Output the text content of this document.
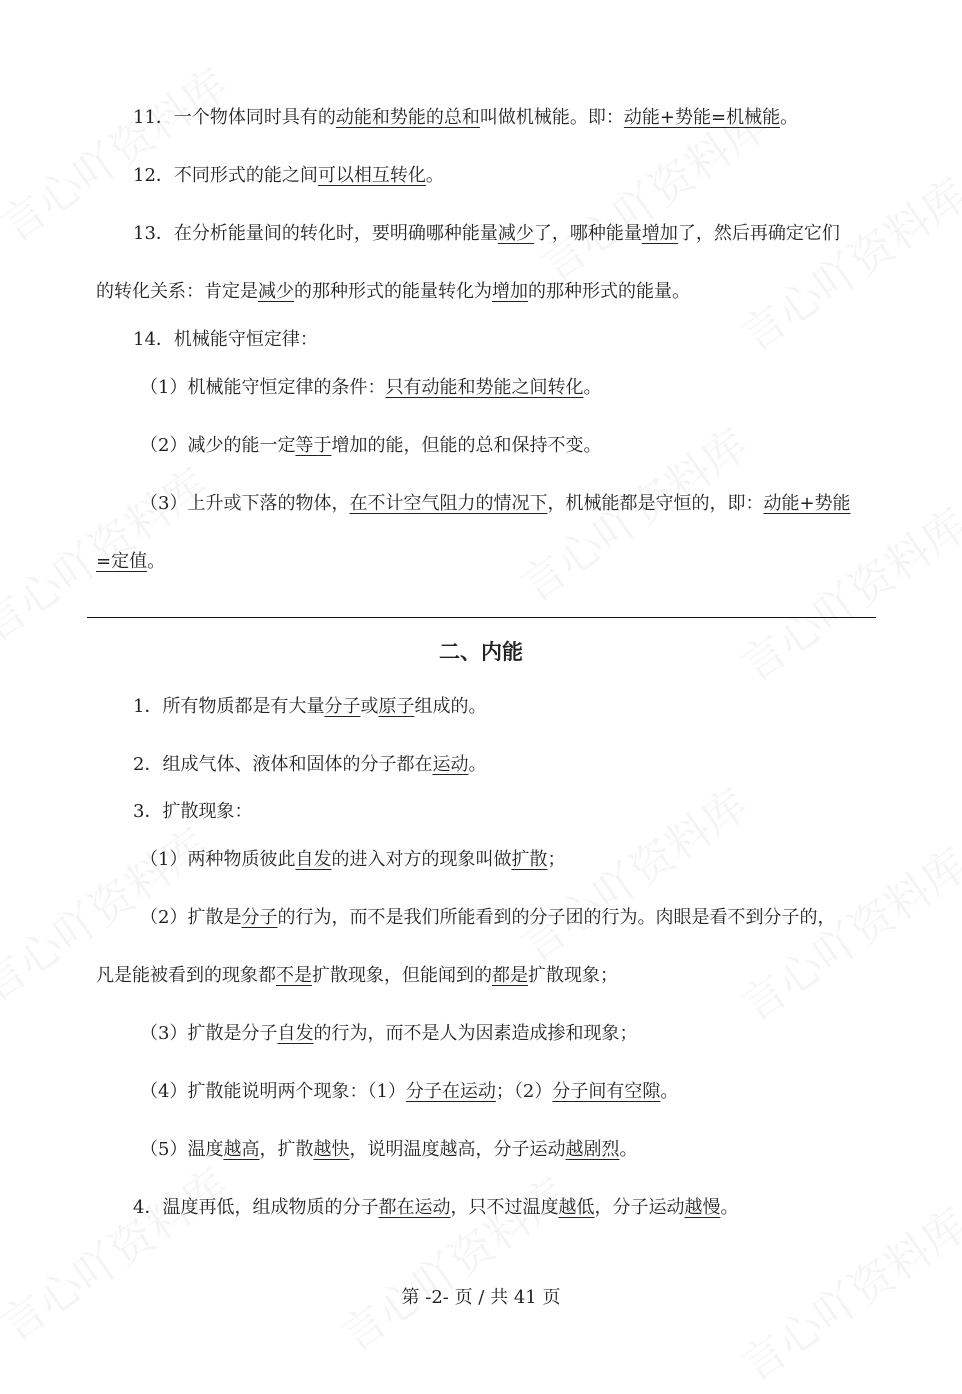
11．一个物体同时具有的动能和势能的总和叫做机械能。即：动能+势能=机械能。
12．不同形式的能之间可以相互转化。
13．在分析能量间的转化时，要明确哪种能量减少了，哪种能量增加了，然后再确定它们
的转化关系：肯定是减少的那种形式的能量转化为增加的那种形式的能量。
14．机械能守恒定律：
（1）机械能守恒定律的条件：只有动能和势能之间转化。
（2）减少的能一定等于增加的能，但能的总和保持不变。
（3）上升或下落的物体，在不计空气阻力的情况下，机械能都是守恒的，即：动能+势能
=定值。
1．所有物质都是有大量分子或原子组成的。
2．组成气体、液体和固体的分子都在运动。
3．扩散现象：
（1）两种物质彼此自发的进入对方的现象叫做扩散；
（2）扩散是分子的行为，而不是我们所能看到的分子团的行为。肉眼是看不到分子的，
凡是能被看到的现象都不是扩散现象，但能闻到的都是扩散现象；
（3）扩散是分子自发的行为，而不是人为因素造成掺和现象；
（4）扩散能说明两个现象：（1）分子在运动；（2）分子间有空隙。
（5）温度越高，扩散越快，说明温度越高，分子运动越剧烈。
4．温度再低，组成物质的分子都在运动，只不过温度越低，分子运动越慢。
二、内能
第 -2- 页 / 共 41 页
